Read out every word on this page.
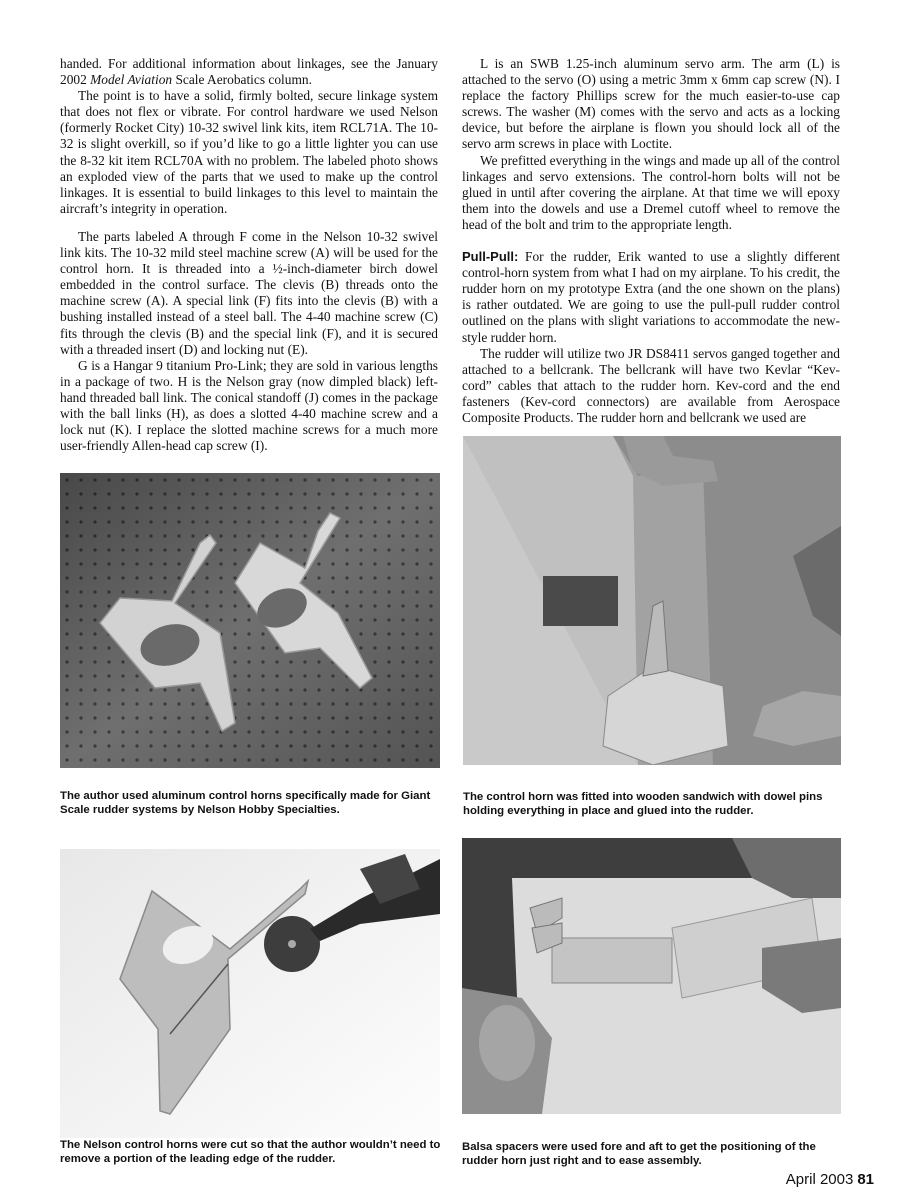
handed. For additional information about linkages, see the January 2002 Model Aviation Scale Aerobatics column.

The point is to have a solid, firmly bolted, secure linkage system that does not flex or vibrate. For control hardware we used Nelson (formerly Rocket City) 10-32 swivel link kits, item RCL71A. The 10-32 is slight overkill, so if you’d like to go a little lighter you can use the 8-32 kit item RCL70A with no problem. The labeled photo shows an exploded view of the parts that we used to make up the control linkages. It is essential to build linkages to this level to maintain the aircraft’s integrity in operation.

The parts labeled A through F come in the Nelson 10-32 swivel link kits. The 10-32 mild steel machine screw (A) will be used for the control horn. It is threaded into a ½-inch-diameter birch dowel embedded in the control surface. The clevis (B) threads onto the machine screw (A). A special link (F) fits into the clevis (B) with a bushing installed instead of a steel ball. The 4-40 machine screw (C) fits through the clevis (B) and the special link (F), and it is secured with a threaded insert (D) and locking nut (E).

G is a Hangar 9 titanium Pro-Link; they are sold in various lengths in a package of two. H is the Nelson gray (now dimpled black) left-hand threaded ball link. The conical standoff (J) comes in the package with the ball links (H), as does a slotted 4-40 machine screw and a lock nut (K). I replace the slotted machine screws for a much more user-friendly Allen-head cap screw (I).

L is an SWB 1.25-inch aluminum servo arm. The arm (L) is attached to the servo (O) using a metric 3mm x 6mm cap screw (N). I replace the factory Phillips screw for the much easier-to-use cap screws. The washer (M) comes with the servo and acts as a locking device, but before the airplane is flown you should lock all of the servo arm screws in place with Loctite.

We prefitted everything in the wings and made up all of the control linkages and servo extensions. The control-horn bolts will not be glued in until after covering the airplane. At that time we will epoxy them into the dowels and use a Dremel cutoff wheel to remove the head of the bolt and trim to the appropriate length.

Pull-Pull: For the rudder, Erik wanted to use a slightly different control-horn system from what I had on my airplane. To his credit, the rudder horn on my prototype Extra (and the one shown on the plans) is rather outdated. We are going to use the pull-pull rudder control outlined on the plans with slight variations to accommodate the new-style rudder horn.

The rudder will utilize two JR DS8411 servos ganged together and attached to a bellcrank. The bellcrank will have two Kevlar “Kev-cord” cables that attach to the rudder horn. Kev-cord and the end fasteners (Kev-cord connectors) are available from Aerospace Composite Products. The rudder horn and bellcrank we used are

The author used aluminum control horns specifically made for Giant Scale rudder systems by Nelson Hobby Specialties.
The control horn was fitted into wooden sandwich with dowel pins holding everything in place and glued into the rudder.
The Nelson control horns were cut so that the author wouldn’t need to remove a portion of the leading edge of the rudder.
Balsa spacers were used fore and aft to get the positioning of the rudder horn just right and to ease assembly.
April 2003 81
